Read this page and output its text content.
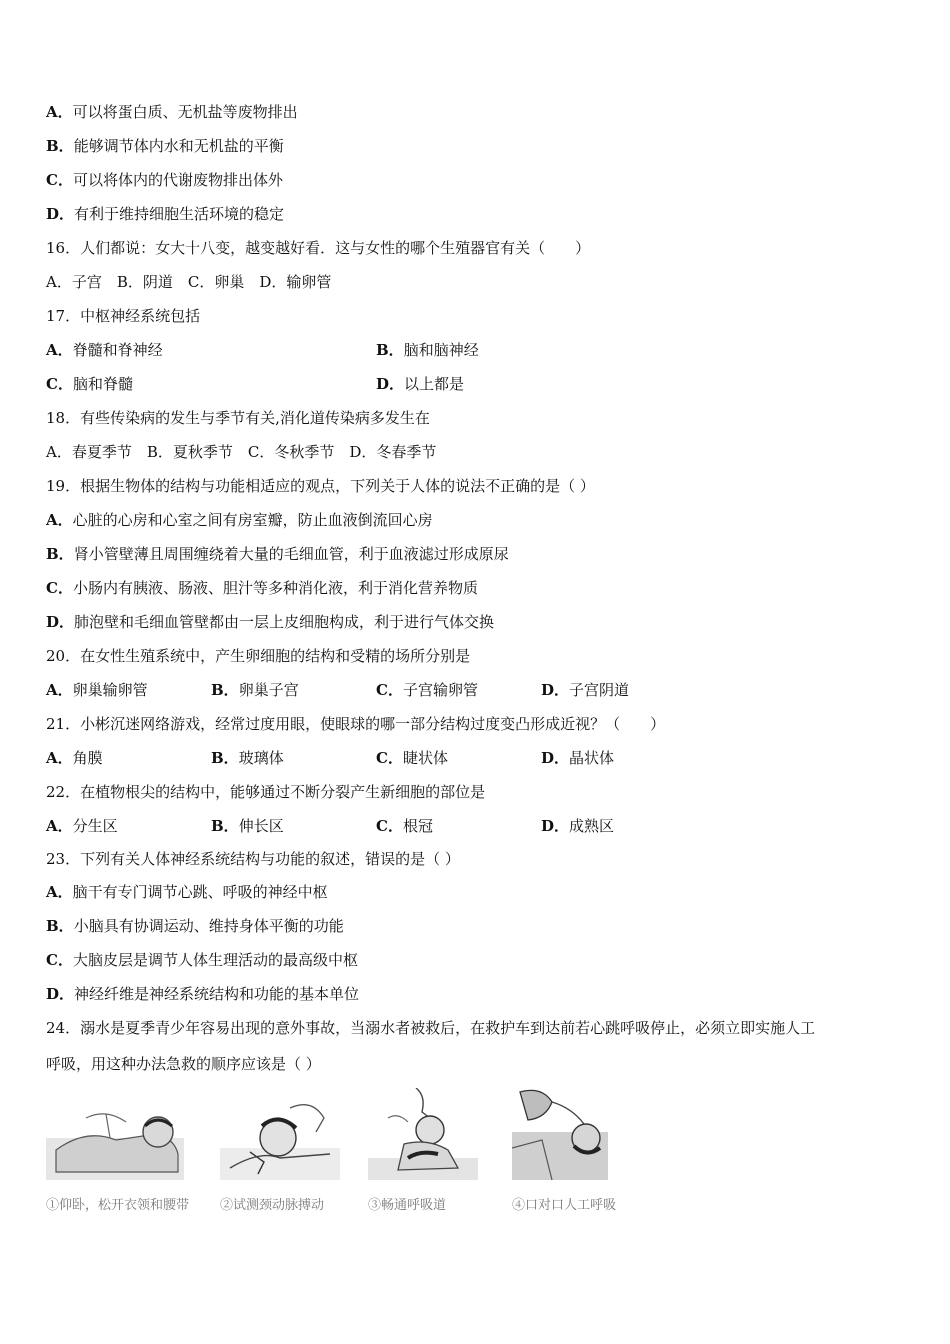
A．可以将蛋白质、无机盐等废物排出
B．能够调节体内水和无机盐的平衡
C．可以将体内的代谢废物排出体外
D．有利于维持细胞生活环境的稳定
16．人们都说：女大十八变，越变越好看．这与女性的哪个生殖器官有关（　　）
A．子宫　B．阴道　C．卵巢　D．输卵管
17．中枢神经系统包括
A．脊髓和脊神经	B．脑和脑神经
C．脑和脊髓	D．以上都是
18．有些传染病的发生与季节有关,消化道传染病多发生在
A．春夏季节　B．夏秋季节　C．冬秋季节　D．冬春季节
19．根据生物体的结构与功能相适应的观点，下列关于人体的说法不正确的是（ ）
A．心脏的心房和心室之间有房室瓣，防止血液倒流回心房
B．肾小管壁薄且周围缠绕着大量的毛细血管，利于血液滤过形成原尿
C．小肠内有胰液、肠液、胆汁等多种消化液，利于消化营养物质
D．肺泡壁和毛细血管壁都由一层上皮细胞构成，利于进行气体交换
20．在女性生殖系统中，产生卵细胞的结构和受精的场所分别是
A．卵巢输卵管	B．卵巢子宫	C．子宫输卵管	D．子宫阴道
21．小彬沉迷网络游戏，经常过度用眼，使眼球的哪一部分结构过度变凸形成近视？（　　）
A．角膜	B．玻璃体	C．睫状体	D．晶状体
22．在植物根尖的结构中，能够通过不断分裂产生新细胞的部位是
A．分生区	B．伸长区	C．根冠	D．成熟区
23．下列有关人体神经系统结构与功能的叙述，错误的是（ ）
A．脑干有专门调节心跳、呼吸的神经中枢
B．小脑具有协调运动、维持身体平衡的功能
C．大脑皮层是调节人体生理活动的最高级中枢
D．神经纤维是神经系统结构和功能的基本单位
24．溺水是夏季青少年容易出现的意外事故，当溺水者被救后，在救护车到达前若心跳呼吸停止，必须立即实施人工
呼吸，用这种办法急救的顺序应该是（ ）
①仰卧，松开衣领和腰带	②试测颈动脉搏动	③畅通呼吸道	④口对口人工呼吸
